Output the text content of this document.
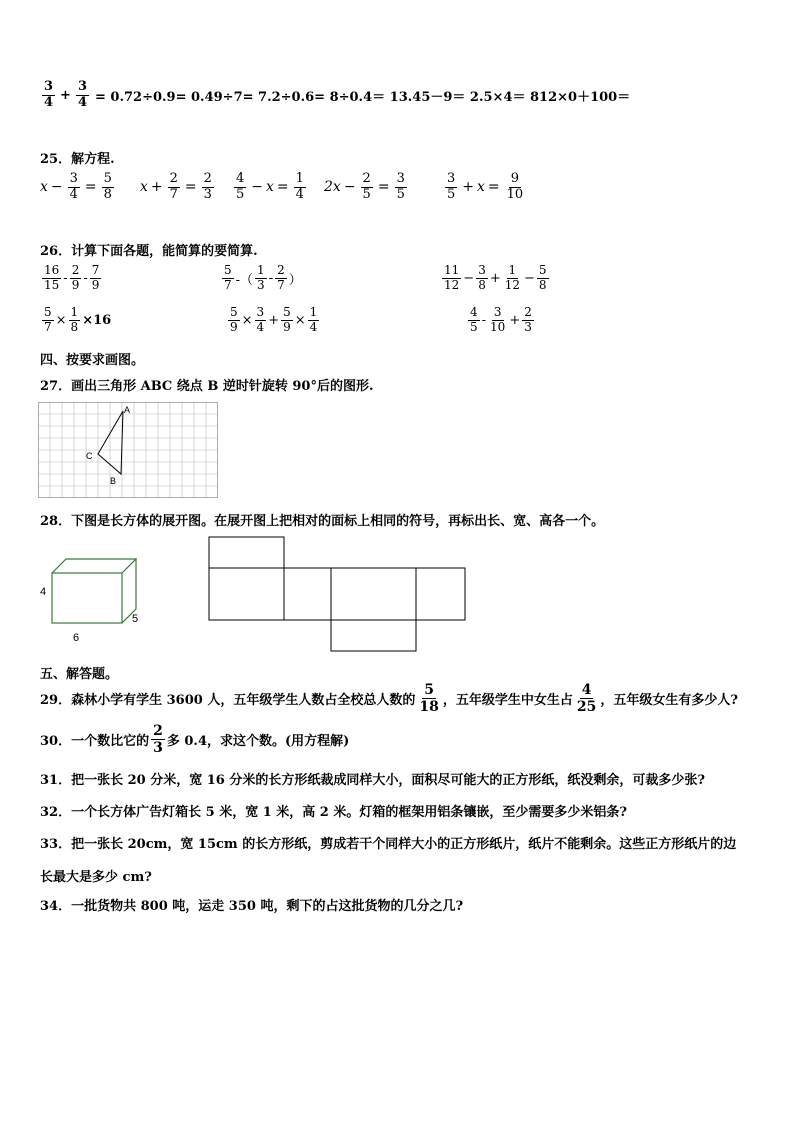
$\frac{3}{4} + \frac{3}{4} = 0.72\div 0.9= 0.49\div 7= 7.2\div 0.6= 8\div 0.4= 13.45-9= 2.5\times 4= 812\times 0+100=$
25．解方程.
$x - \frac{3}{4} = \frac{5}{8}$ $x + \frac{2}{7} = \frac{2}{3} \frac{4}{5} - x = \frac{1}{4} 2x - \frac{2}{5} = \frac{3}{5}$	$\frac{3}{5} + x = \frac{9}{10}$
26．计算下面各题，能简算的要简算.
$\frac{16}{15} - \frac{2}{9} - \frac{7}{9}$	$\frac{5}{7}$ -（ $\frac{1}{3} - \frac{2}{7}$ ）	$\frac{11}{12} - \frac{3}{8} + \frac{1}{12} - \frac{5}{8}$
$\frac{5}{7} \times \frac{1}{8} \times 16$	$\frac{5}{9} \times \frac{3}{4} + \frac{5}{9} \times \frac{1}{4}$	$\frac{4}{5} - \frac{3}{10} + \frac{2}{3}$
四、按要求画图。
27．画出三角形 ABC 绕点 B 逆时针旋转 90°后的图形.
A
B
C
28．下图是长方体的展开图。在展开图上把相对的面标上相同的符号，再标出长、宽、高各一个。
4
6
5
五、解答题。
29．森林小学有学生 3600 人，五年级学生人数占全校总人数的 $\frac{5}{18}$ ，五年级学生中女生占 $\frac{4}{25}$ ，五年级女生有多少人?
30．一个数比它的 $\frac{2}{3}$ 多 0.4，求这个数。(用方程解)
31．把一张长 20 分米，宽 16 分米的长方形纸裁成同样大小，面积尽可能大的正方形纸，纸没剩余，可裁多少张?
32．一个长方体广告灯箱长 5 米，宽 1 米，高 2 米。灯箱的框架用铝条镶嵌，至少需要多少米铝条?
33．把一张长 20cm，宽 15cm 的长方形纸，剪成若干个同样大小的正方形纸片，纸片不能剩余。这些正方形纸片的边
长最大是多少 cm?
34．一批货物共 800 吨，运走 350 吨，剩下的占这批货物的几分之几?
